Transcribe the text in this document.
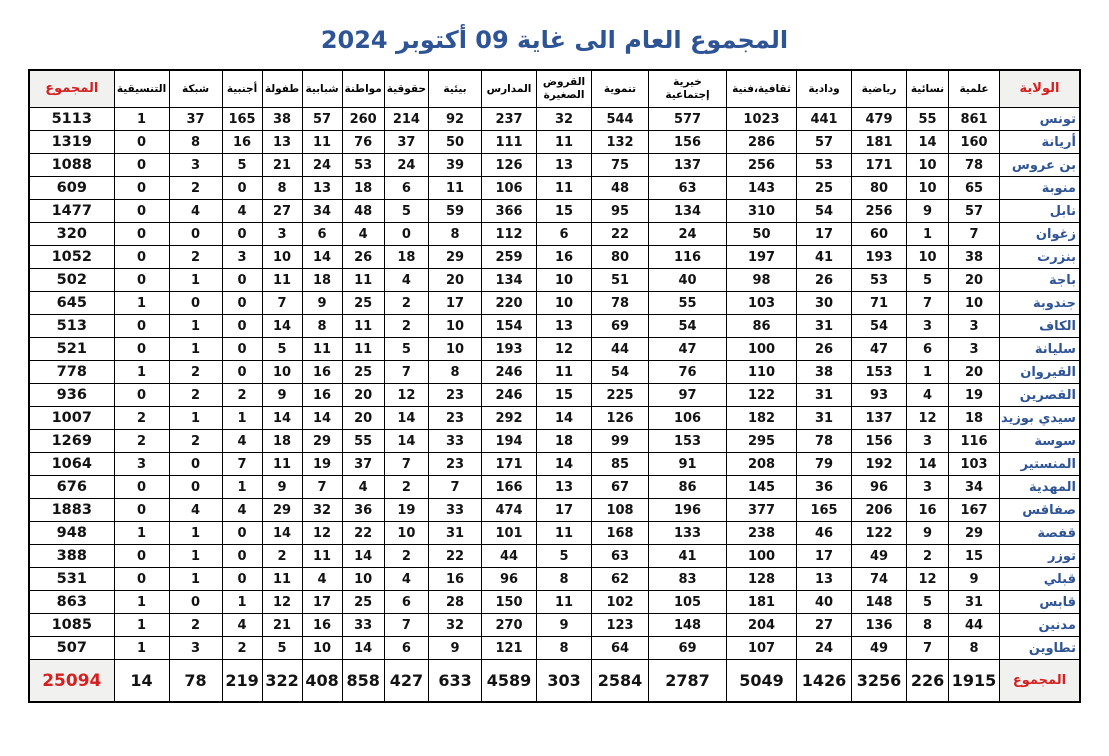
المجموع العام الى غاية 09 أكتوبر 2024
الولاية	علمية	نسائية	رياضية	ودادية	ثقافية،فنية	خيرية إجتماعية	تنموية	القروض الصغيرة	المدارس	بيئية	حقوقية	مواطنة	شبابية	طفولة	أجنبية	شبكة	التنسيقية	المجموع
تونس	861	55	479	441	1023	577	544	32	237	92	214	260	57	38	165	37	1	5113
أريانة	160	14	181	57	286	156	132	11	111	50	37	76	11	13	16	8	0	1319
بن عروس	78	10	171	53	256	137	75	13	126	39	24	53	24	21	5	3	0	1088
منوبة	65	10	80	25	143	63	48	11	106	11	6	18	13	8	0	2	0	609
نابل	57	9	256	54	310	134	95	15	366	59	5	48	34	27	4	4	0	1477
زغوان	7	1	60	17	50	24	22	6	112	8	0	4	6	3	0	0	0	320
بنزرت	38	10	193	41	197	116	80	16	259	29	18	26	14	10	3	2	0	1052
باجة	20	5	53	26	98	40	51	10	134	20	4	11	18	11	0	1	0	502
جندوبة	10	7	71	30	103	55	78	10	220	17	2	25	9	7	0	0	1	645
الكاف	3	3	54	31	86	54	69	13	154	10	2	11	8	14	0	1	0	513
سليانة	3	6	47	26	100	47	44	12	193	10	5	11	11	5	0	1	0	521
القيروان	20	1	153	38	110	76	54	11	246	8	7	25	16	10	0	2	1	778
القصرين	19	4	93	31	122	97	225	15	246	23	12	20	16	9	2	2	0	936
سيدي بوزيد	18	12	137	31	182	106	126	14	292	23	14	20	14	14	1	1	2	1007
سوسة	116	3	156	78	295	153	99	18	194	33	14	55	29	18	4	2	2	1269
المنستير	103	14	192	79	208	91	85	14	171	23	7	37	19	11	7	0	3	1064
المهدية	34	3	96	36	145	86	67	13	166	7	2	4	7	9	1	0	0	676
صفاقس	167	16	206	165	377	196	108	17	474	33	19	36	32	29	4	4	0	1883
قفصة	29	9	122	46	238	133	168	11	101	31	10	22	12	14	0	1	1	948
توزر	15	2	49	17	100	41	63	5	44	22	2	14	11	2	0	1	0	388
قبلي	9	12	74	13	128	83	62	8	96	16	4	10	4	11	0	1	0	531
قابس	31	5	148	40	181	105	102	11	150	28	6	25	17	12	1	0	1	863
مدنين	44	8	136	27	204	148	123	9	270	32	7	33	16	21	4	2	1	1085
تطاوين	8	7	49	24	107	69	64	8	121	9	6	14	10	5	2	3	1	507
المجموع	1915	226	3256	1426	5049	2787	2584	303	4589	633	427	858	408	322	219	78	14	25094
